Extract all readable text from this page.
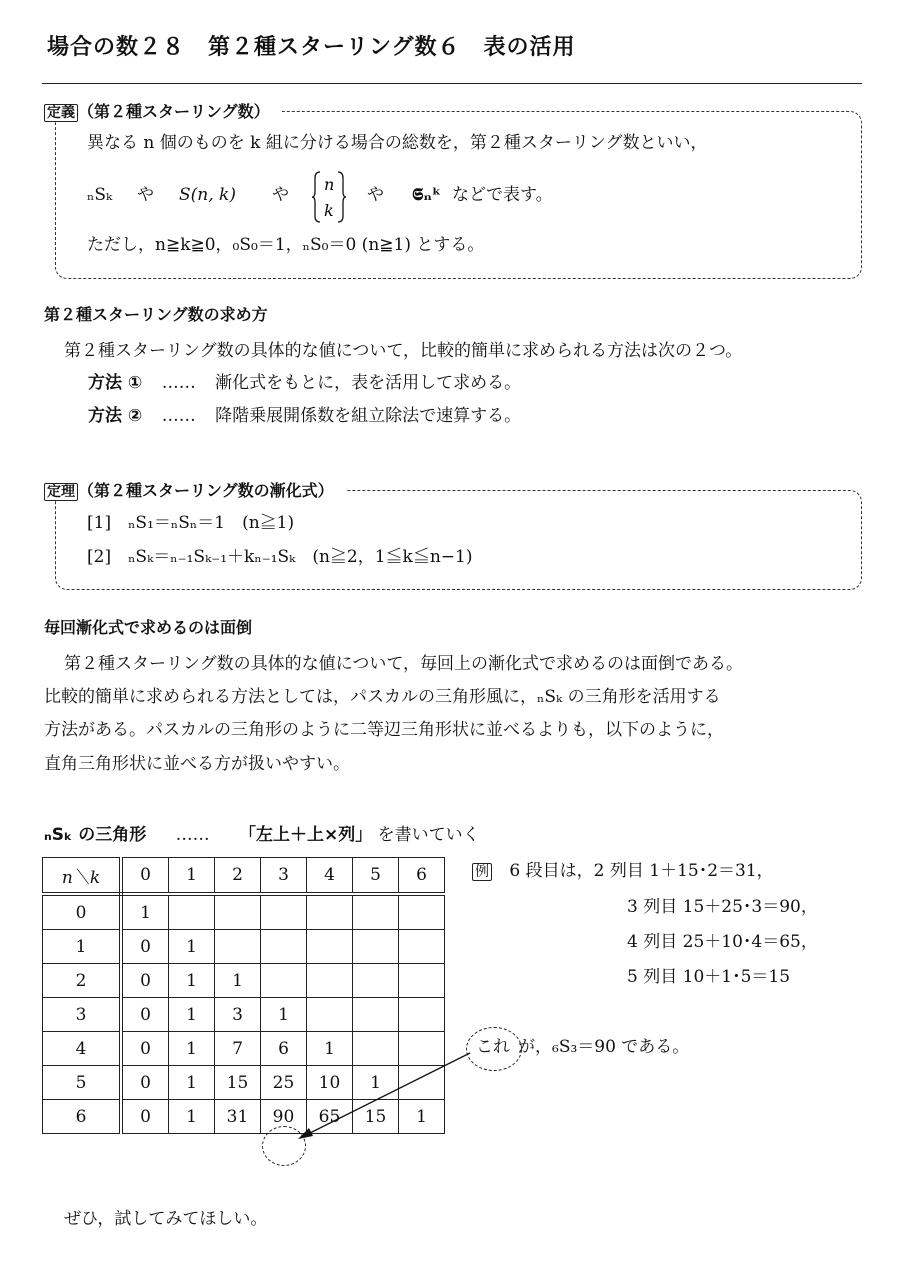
場合の数２８　第２種スターリング数６　表の活用
定義 （第２種スターリング数）
異なる n 個のものを k 組に分ける場合の総数を，第２種スターリング数といい，
ₙSₖ や S(n, k) や
n
k
や 𝕾ₙᵏ などで表す。
ただし，n≧k≧0，₀S₀＝1，ₙS₀＝0 (n≧1) とする。
第２種スターリング数の求め方
第２種スターリング数の具体的な値について，比較的簡単に求められる方法は次の２つ。
方法 ① …… 漸化式をもとに，表を活用して求める。
方法 ② …… 降階乗展開係数を組立除法で速算する。
定理 （第２種スターリング数の漸化式）
[1]　ₙS₁＝ₙSₙ＝1　(n≧1)
[2]　ₙSₖ＝ₙ₋₁Sₖ₋₁＋kₙ₋₁Sₖ　(n≧2，1≦k≦n−1)
毎回漸化式で求めるのは面倒
第２種スターリング数の具体的な値について，毎回上の漸化式で求めるのは面倒である。
比較的簡単に求められる方法としては，パスカルの三角形風に，ₙSₖ の三角形を活用する
方法がある。パスカルの三角形のように二等辺三角形状に並べるよりも，以下のように，
直角三角形状に並べる方が扱いやすい。
ₙSₖ の三角形 …… 「左上＋上×列」 を書いていく
n＼k	0	1	2	3	4	5	6
0	1						
1	0	1					
2	0	1	1				
3	0	1	3	1			
4	0	1	7	6	1		
5	0	1	15	25	10	1	
6	0	1	31	90	65	15	1
例 6 段目は，2 列目 1＋15･2＝31，
3 列目 15＋25･3＝90，
4 列目 25＋10･4＝65，
5 列目 10＋1･5＝15
これ が，₆S₃＝90 である。
ぜひ，試してみてほしい。
